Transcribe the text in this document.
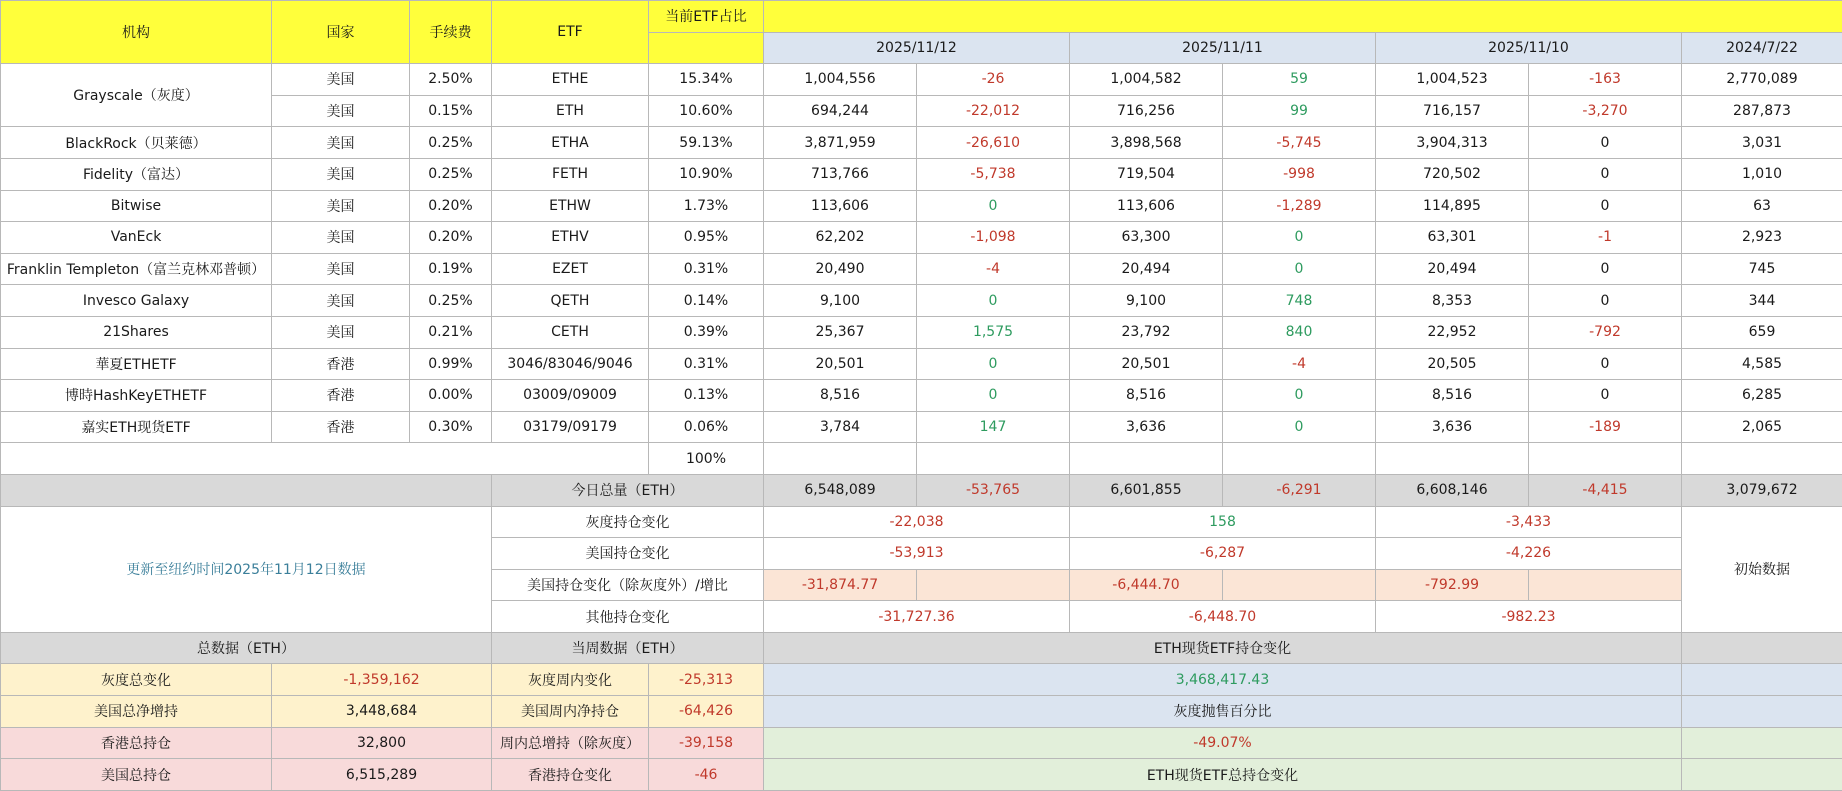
机构	国家	手续费	ETF	当前ETF占比							
					2025/11/12		2025/11/11		2025/11/10		2024/7/22
Grayscale（灰度）	美国	2.50%	ETHE	15.34%	1,004,556	-26	1,004,582	59	1,004,523	-163	2,770,089
	美国	0.15%	ETH	10.60%	694,244	-22,012	716,256	99	716,157	-3,270	287,873
BlackRock（贝莱德）	美国	0.25%	ETHA	59.13%	3,871,959	-26,610	3,898,568	-5,745	3,904,313	0	3,031
Fidelity（富达）	美国	0.25%	FETH	10.90%	713,766	-5,738	719,504	-998	720,502	0	1,010
Bitwise	美国	0.20%	ETHW	1.73%	113,606	0	113,606	-1,289	114,895	0	63
VanEck	美国	0.20%	ETHV	0.95%	62,202	-1,098	63,300	0	63,301	-1	2,923
Franklin Templeton（富兰克林邓普顿）	美国	0.19%	EZET	0.31%	20,490	-4	20,494	0	20,494	0	745
Invesco Galaxy	美国	0.25%	QETH	0.14%	9,100	0	9,100	748	8,353	0	344
21Shares	美国	0.21%	CETH	0.39%	25,367	1,575	23,792	840	22,952	-792	659
華夏ETHETF	香港	0.99%	3046/83046/9046	0.31%	20,501	0	20,501	-4	20,505	0	4,585
博時HashKeyETHETF	香港	0.00%	03009/09009	0.13%	8,516	0	8,516	0	8,516	0	6,285
嘉实ETH现货ETF	香港	0.30%	03179/09179	0.06%	3,784	147	3,636	0	3,636	-189	2,065
				100%							
			今日总量（ETH）		6,548,089	-53,765	6,601,855	-6,291	6,608,146	-4,415	3,079,672
更新至纽约时间2025年11月12日数据			灰度持仓变化		-22,038		158		-3,433		初始数据
			美国持仓变化		-53,913		-6,287		-4,226		
			美国持仓变化（除灰度外）/增比		-31,874.77		-6,444.70		-792.99		
			其他持仓变化		-31,727.36		-6,448.70		-982.23		
总数据（ETH）			当周数据（ETH）		ETH现货ETF持仓变化						
灰度总变化	-1,359,162		灰度周内变化	-25,313	3,468,417.43						
美国总净增持	3,448,684		美国周内净持仓	-64,426	灰度抛售百分比						
香港总持仓	32,800		周内总增持（除灰度）	-39,158	-49.07%						
美国总持仓	6,515,289		香港持仓变化	-46	ETH现货ETF总持仓变化						
